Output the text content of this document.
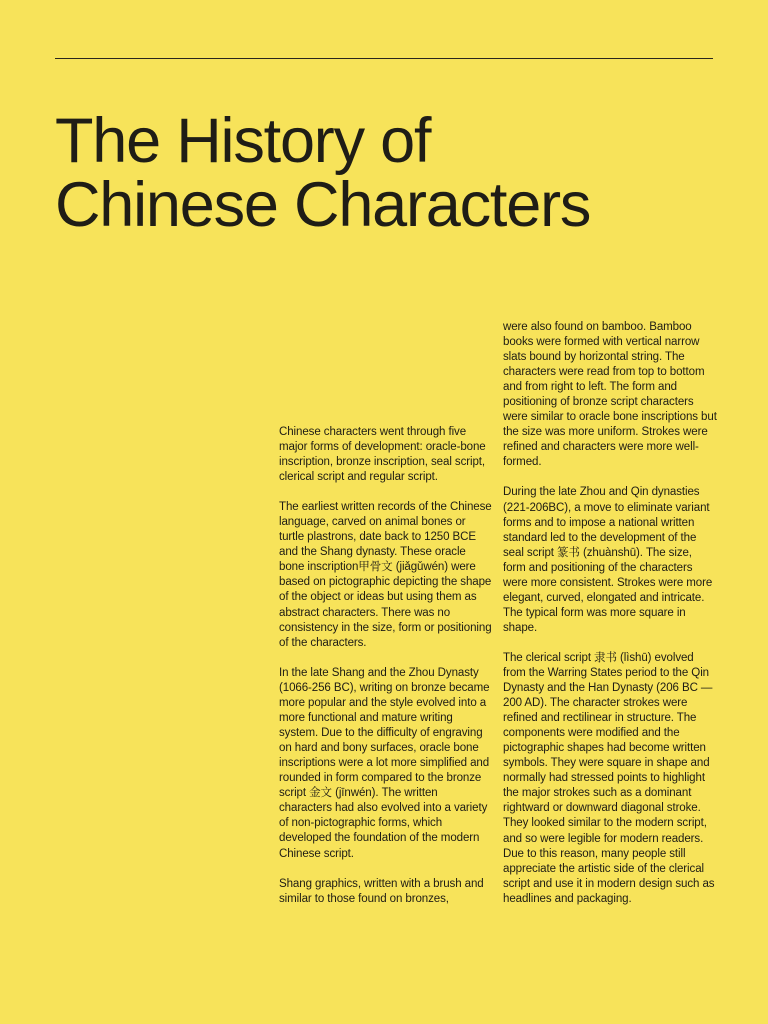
The History of
Chinese Characters

Chinese characters went through five major forms of development: oracle-bone inscription, bronze inscription, seal script, clerical script and regular script.

The earliest written records of the Chinese language, carved on animal bones or turtle plastrons, date back to 1250 BCE and the Shang dynasty. These oracle bone inscription甲骨文 (jiǎgǔwén) were based on pictographic depicting the shape of the object or ideas but using them as abstract characters. There was no consistency in the size, form or positioning of the characters.

In the late Shang and the Zhou Dynasty (1066-256 BC), writing on bronze became more popular and the style evolved into a more functional and mature writing system. Due to the difficulty of engraving on hard and bony surfaces, oracle bone inscriptions were a lot more simplified and rounded in form compared to the bronze script 金文 (jīnwén). The written characters had also evolved into a variety of non-pictographic forms, which developed the foundation of the modern Chinese script.

Shang graphics, written with a brush and similar to those found on bronzes,

were also found on bamboo. Bamboo books were formed with vertical narrow slats bound by horizontal string. The characters were read from top to bottom and from right to left. The form and positioning of bronze script characters were similar to oracle bone inscriptions but the size was more uniform. Strokes were refined and characters were more well-formed.

During the late Zhou and Qin dynasties (221-206BC), a move to eliminate variant forms and to impose a national written standard led to the development of the seal script 篆书 (zhuànshū). The size, form and positioning of the characters were more consistent. Strokes were more elegant, curved, elongated and intricate. The typical form was more square in shape.

The clerical script 隶书 (lìshū) evolved from the Warring States period to the Qin Dynasty and the Han Dynasty (206 BC — 200 AD). The character strokes were refined and rectilinear in structure. The components were modified and the pictographic shapes had become written symbols. They were square in shape and normally had stressed points to highlight the major strokes such as a dominant rightward or downward diagonal stroke. They looked similar to the modern script, and so were legible for modern readers. Due to this reason, many people still appreciate the artistic side of the clerical script and use it in modern design such as headlines and packaging.
